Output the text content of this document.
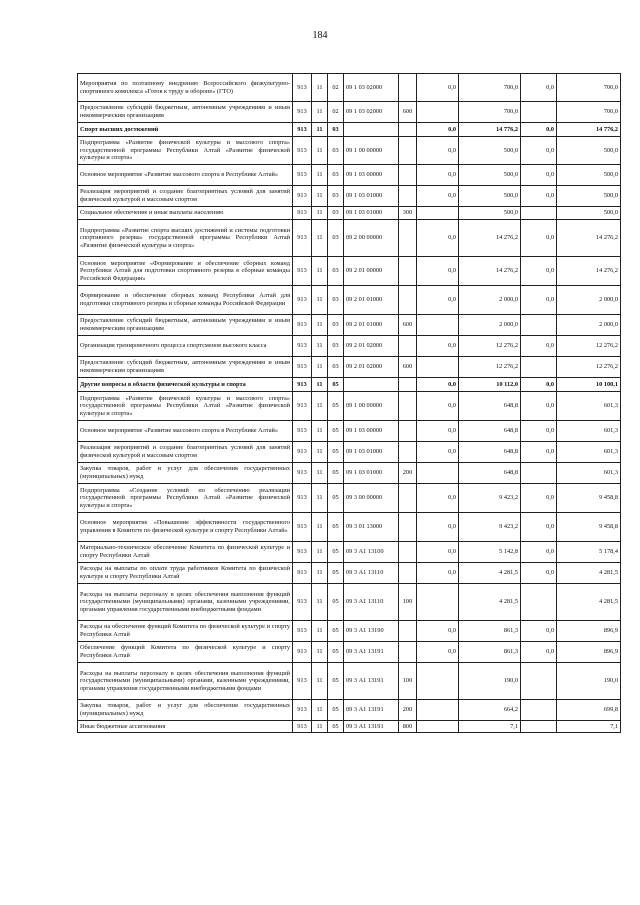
184
Мероприятия по поэтапному внедрению Всероссийского физкультурно-спортивного комплекса «Готов к труду и обороне» (ГТО)	913	11	02	09 1 03 02000		0,0	700,0	0,0	700,0
Предоставление субсидий бюджетным, автономным учреждениям и иным некоммерческим организациям	913	11	02	09 1 03 02000	600		700,0		700,0
Спорт высших достижений	913	11	03			0,0	14 776,2	0,0	14 776,2
Подпрограмма «Развитие физической культуры и массового спорта» государственной программы Республики Алтай «Развитие физической культуры и спорта»	913	11	03	09 1 00 00000		0,0	500,0	0,0	500,0
Основное мероприятие «Развитие массового спорта в Республике Алтай»	913	11	03	09 1 03 00000		0,0	500,0	0,0	500,0
Реализация мероприятий и создание благоприятных условий для занятий физической культурой и массовым спортом	913	11	03	09 1 03 01000		0,0	500,0	0,0	500,0
Социальное обеспечение и иные выплаты населению	913	11	03	09 1 03 01000	300		500,0		500,0
Подпрограмма «Развитие спорта высших достижений и системы подготовки спортивного резерва» государственной программы Республики Алтай «Развитие физической культуры и спорта»	913	11	03	09 2 00 00000		0,0	14 276,2	0,0	14 276,2
Основное мероприятие «Формирование и обеспечение сборных команд Республики Алтай для подготовки спортивного резерва в сборные команды Российской Федерации»	913	11	03	09 2 01 00000		0,0	14 276,2	0,0	14 276,2
Формирование и обеспечение сборных команд Республики Алтай для подготовки спортивного резерва и сборные команды Российской Федерации	913	11	03	09 2 01 01000		0,0	2 000,0	0,0	2 000,0
Предоставление субсидий бюджетным, автономным учреждениям и иным некоммерческим организациям	913	11	03	09 2 01 01000	600		2 000,0		2 000,0
Организация тренировочного процесса спортсменов высокого класса	913	11	03	09 2 01 02000		0,0	12 276,2	0,0	12 276,2
Предоставление субсидий бюджетным, автономным учреждениям и иным некоммерческим организациям	913	11	03	09 2 01 02000	600		12 276,2		12 276,2
Другие вопросы в области физической культуры и спорта	913	11	05			0,0	10 112,0	0,0	10 100,1
Подпрограмма «Развитие физической культуры и массового спорта» государственной программы Республики Алтай «Развитие физической культуры и спорта»	913	11	05	09 1 00 00000		0,0	648,8	0,0	601,3
Основное мероприятие «Развитие массового спорта в Республике Алтай»	913	11	05	09 1 03 00000		0,0	648,8	0,0	601,3
Реализация мероприятий и создание благоприятных условий для занятий физической культурой и массовым спортом	913	11	05	09 1 03 01000		0,0	648,8	0,0	601,3
Закупка товаров, работ и услуг для обеспечения государственных (муниципальных) нужд	913	11	05	09 1 03 01000	200		648,8		601,3
Подпрограмма «Создание условий по обеспечению реализации государственной программы Республики Алтай «Развитие физической культуры и спорта»	913	11	05	09 3 00 00000		0,0	9 423,2	0,0	9 458,8
Основное мероприятие «Повышение эффективности государственного управления в Комитете по физической культуре и спорту Республики Алтай»	913	11	05	09 3 01 13000		0,0	9 423,2	0,0	9 458,8
Материально-техническое обеспечение Комитета по физической культуре и спорту Республики Алтай	913	11	05	09 3 А1 13100		0,0	5 142,8	0,0	5 178,4
Расходы на выплаты по оплате труда работников Комитета по физической культуре и спорту Республики Алтай	913	11	05	09 3 А1 13110		0,0	4 281,5	0,0	4 281,5
Расходы на выплаты персоналу в целях обеспечения выполнения функций государственными (муниципальными) органами, казенными учреждениями, органами управления государственными внебюджетными фондами	913	11	05	09 3 А1 13110	100		4 281,5		4 281,5
Расходы на обеспечение функций Комитета по физической культуре и спорту Республики Алтай	913	11	05	09 3 А1 13190		0,0	861,3	0,0	896,9
Обеспечение функций Комитета по физической культуре и спорту Республики Алтай	913	11	05	09 3 А1 13191		0,0	861,3	0,0	896,9
Расходы на выплаты персоналу в целях обеспечения выполнения функций государственными (муниципальными) органами, казенными учреждениями, органами управления государственными внебюджетными фондами	913	11	05	09 3 А1 13191	100		190,0		190,0
Закупка товаров, работ и услуг для обеспечения государственных (муниципальных) нужд	913	11	05	09 3 А1 13191	200		664,2		699,8
Иные бюджетные ассигнования	913	11	05	09 3 А1 13191	800		7,1		7,1
